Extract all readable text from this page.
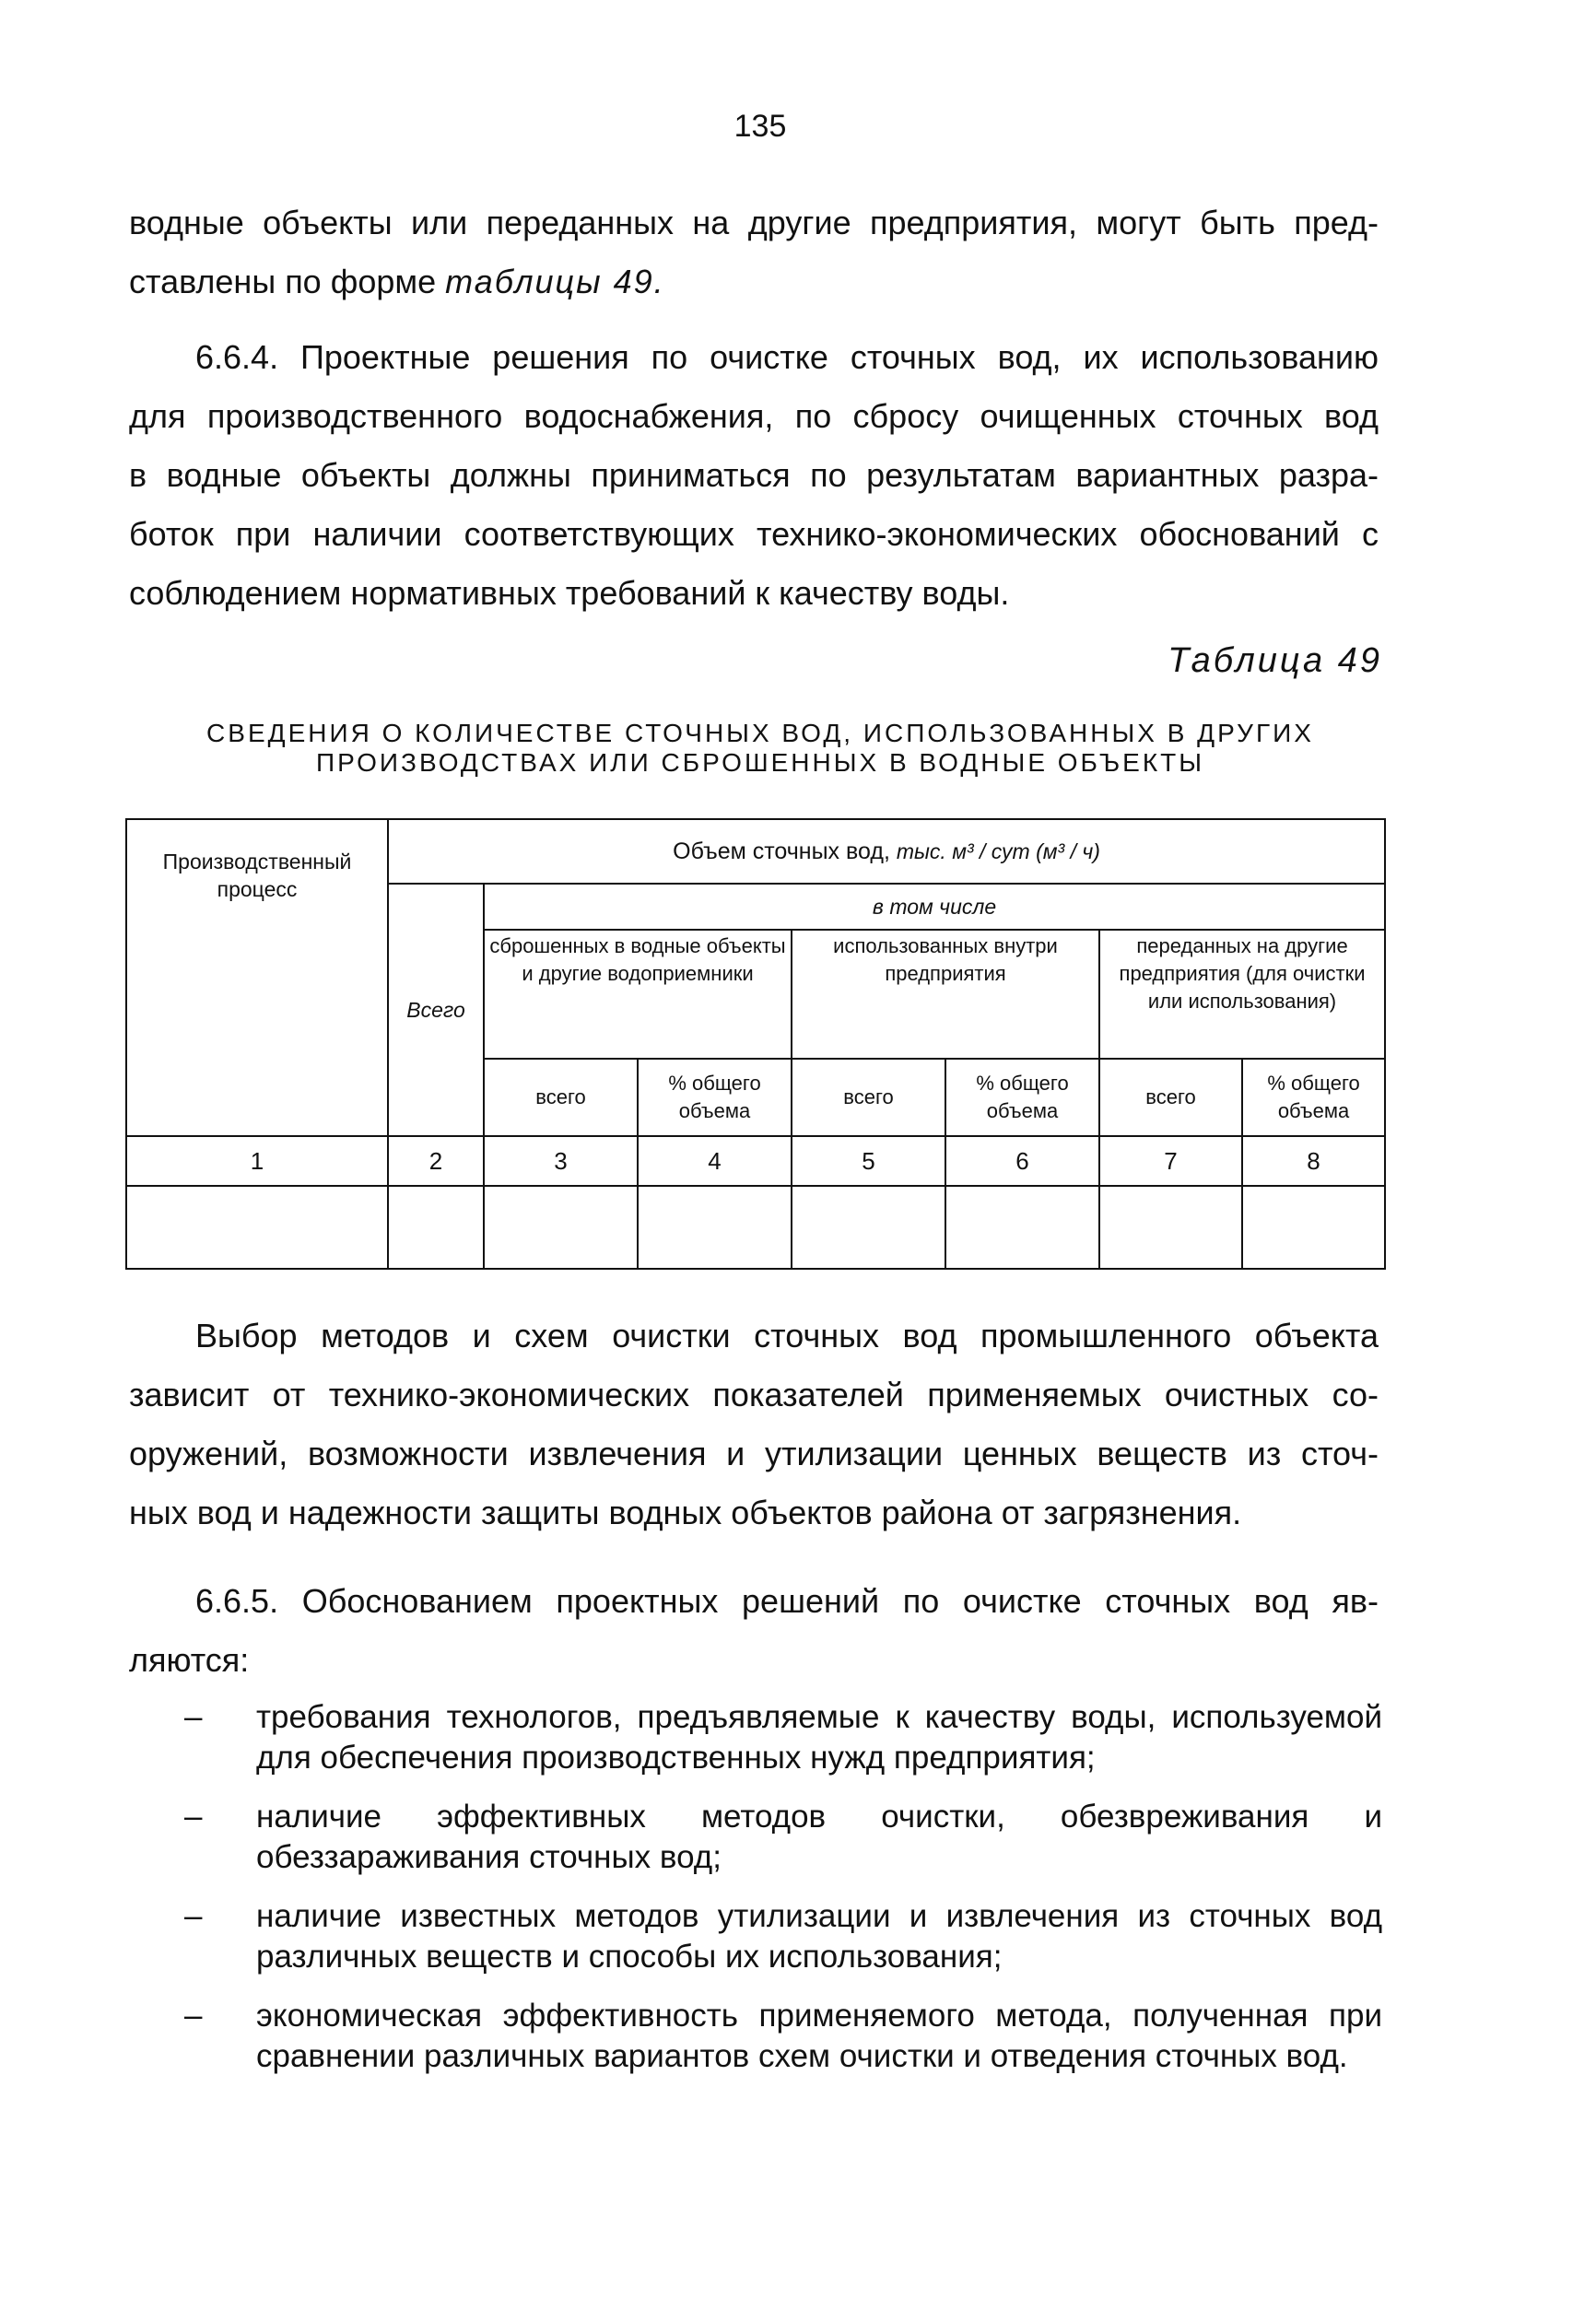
135
водные объекты или переданных на другие предприятия, могут быть пред-
ставлены по форме таблицы 49.
6.6.4. Проектные решения по очистке сточных вод, их использованию
для производственного водоснабжения, по сбросу очищенных сточных вод
в водные объекты должны приниматься по результатам вариантных разра-
боток при наличии соответствующих технико-экономических обоснований с
соблюдением нормативных требований к качеству воды.
Таблица 49
СВЕДЕНИЯ О КОЛИЧЕСТВЕ СТОЧНЫХ ВОД, ИСПОЛЬЗОВАННЫХ В ДРУГИХ
ПРОИЗВОДСТВАХ ИЛИ СБРОШЕННЫХ В ВОДНЫЕ ОБЪЕКТЫ
Производственный процесс	Объем сточных вод, тыс. м³ / сут (м³ / ч)						
	Всего	в том числе					
		сброшенных в водные объекты и другие водоприемники		использованных внутри предприятия		переданных на другие предприятия (для очистки или использования)	
		всего	% общего объема	всего	% общего объема	всего	% общего объема
1	2	3	4	5	6	7	8

Выбор методов и схем очистки сточных вод промышленного объекта
зависит от технико-экономических показателей применяемых очистных со-
оружений, возможности извлечения и утилизации ценных веществ из сточ-
ных вод и надежности защиты водных объектов района от загрязнения.
6.6.5. Обоснованием проектных решений по очистке сточных вод яв-
ляются:
– требования технологов, предъявляемые к качеству воды, используемой для обеспечения производственных нужд предприятия;
– наличие эффективных методов очистки, обезвреживания и обеззараживания сточных вод;
– наличие известных методов утилизации и извлечения из сточных вод различных веществ и способы их использования;
– экономическая эффективность применяемого метода, полученная при сравнении различных вариантов схем очистки и отведения сточных вод.
